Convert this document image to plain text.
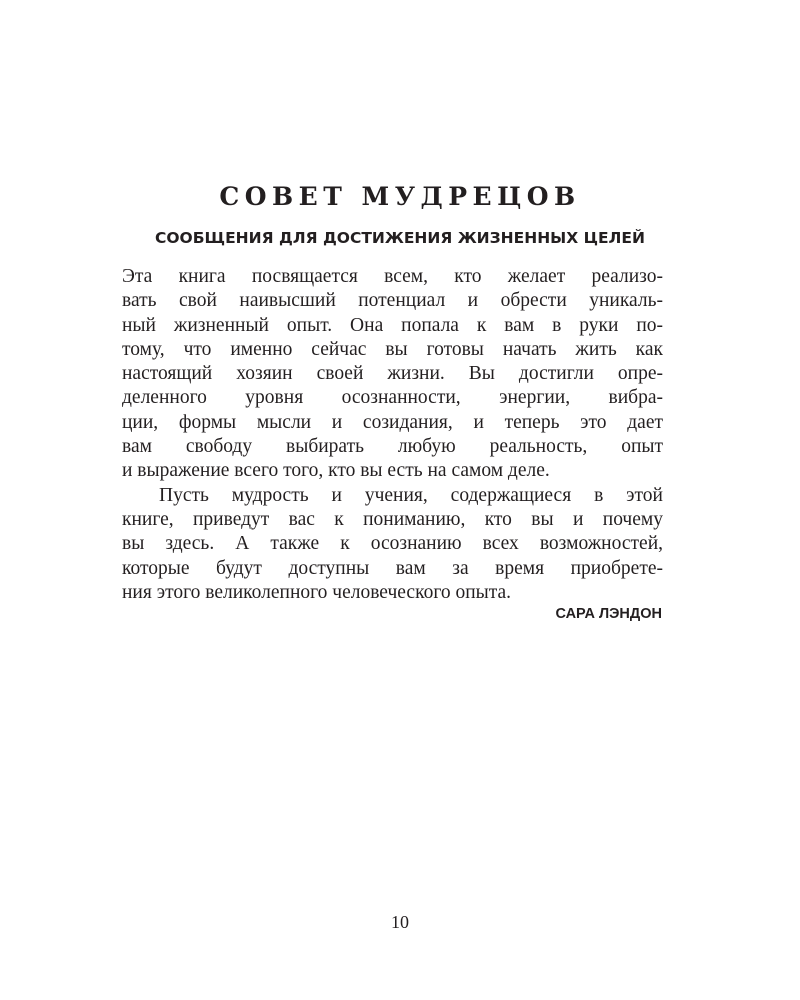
СОВЕТ МУДРЕЦОВ
СООБЩЕНИЯ ДЛЯ ДОСТИЖЕНИЯ ЖИЗНЕННЫХ ЦЕЛЕЙ
Эта книга посвящается всем, кто желает реализо-
вать свой наивысший потенциал и обрести уникаль-
ный жизненный опыт. Она попала к вам в руки по-
тому, что именно сейчас вы готовы начать жить как
настоящий хозяин своей жизни. Вы достигли опре-
деленного уровня осознанности, энергии, вибра-
ции, формы мысли и созидания, и теперь это дает
вам свободу выбирать любую реальность, опыт
и выражение всего того, кто вы есть на самом деле.
Пусть мудрость и учения, содержащиеся в этой
книге, приведут вас к пониманию, кто вы и почему
вы здесь. А также к осознанию всех возможностей,
которые будут доступны вам за время приобрете-
ния этого великолепного человеческого опыта.

САРА ЛЭНДОН

10
